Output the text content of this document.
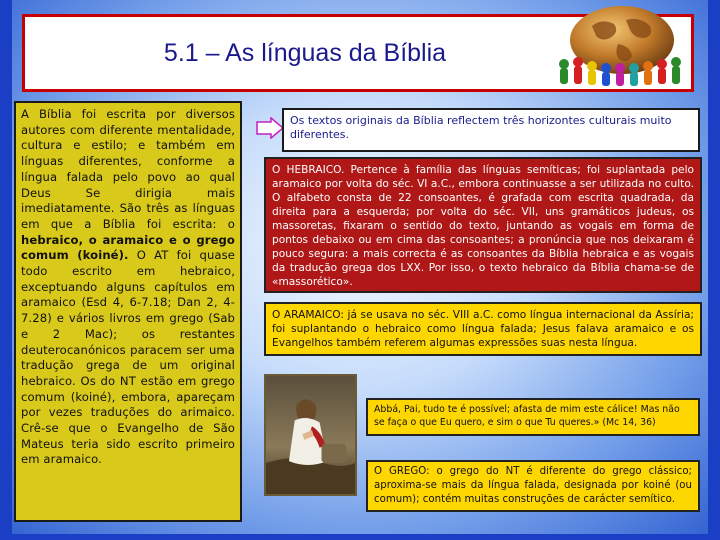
5.1 – As línguas da Bíblia
A Bíblia foi escrita por diversos autores com diferente mentalidade, cultura e estilo; e também em línguas diferentes, conforme a língua falada pelo povo ao qual Deus Se dirigia mais imediatamente. São três as línguas em que a Bíblia foi escrita: o hebraico, o aramaico e o grego comum (koiné). O AT foi quase todo escrito em hebraico, exceptuando alguns capítulos em aramaico (Esd 4, 6-7.18; Dan 2, 4-7.28) e vários livros em grego (Sab e 2 Mac); os restantes deuterocanónicos paracem ser uma tradução grega de um original hebraico. Os do NT estão em grego comum (koiné), embora, apareçam por vezes traduções do arimaico. Crê-se que o Evangelho de São Mateus teria sido escrito primeiro em aramaico.
Os textos originais da Bíblia reflectem três horizontes culturais muito diferentes.
O HEBRAICO. Pertence à família das línguas semíticas; foi suplantada pelo aramaico por volta do séc. VI a.C., embora continuasse a ser utilizada no culto. O alfabeto consta de 22 consoantes, é grafada com escrita quadrada, da direita para a esquerda; por volta do séc. VII, uns gramáticos judeus, os massoretas, fixaram o sentido do texto, juntando as vogais em forma de pontos debaixo ou em cima das consoantes; a pronúncia que nos deixaram é pouco segura: a mais correcta é as consoantes da Bíblia hebraica e as vogais da tradução grega dos LXX. Por isso, o texto hebraico da Bíblia chama-se de «massorético».
O ARAMAICO: já se usava no séc. VIII a.C. como língua internacional da Assíria; foi suplantando o hebraico como língua falada; Jesus falava aramaico e os Evangelhos também referem algumas expressões suas nesta língua.
Abbá, Pai, tudo te é possível; afasta de mim este cálice! Mas não se faça o que Eu quero, e sim o que Tu queres.» (Mc 14, 36)
O GREGO: o grego do NT é diferente do grego clássico; aproxima-se mais da língua falada, designada por koiné (ou comum); contém muitas construções de carácter semítico.
